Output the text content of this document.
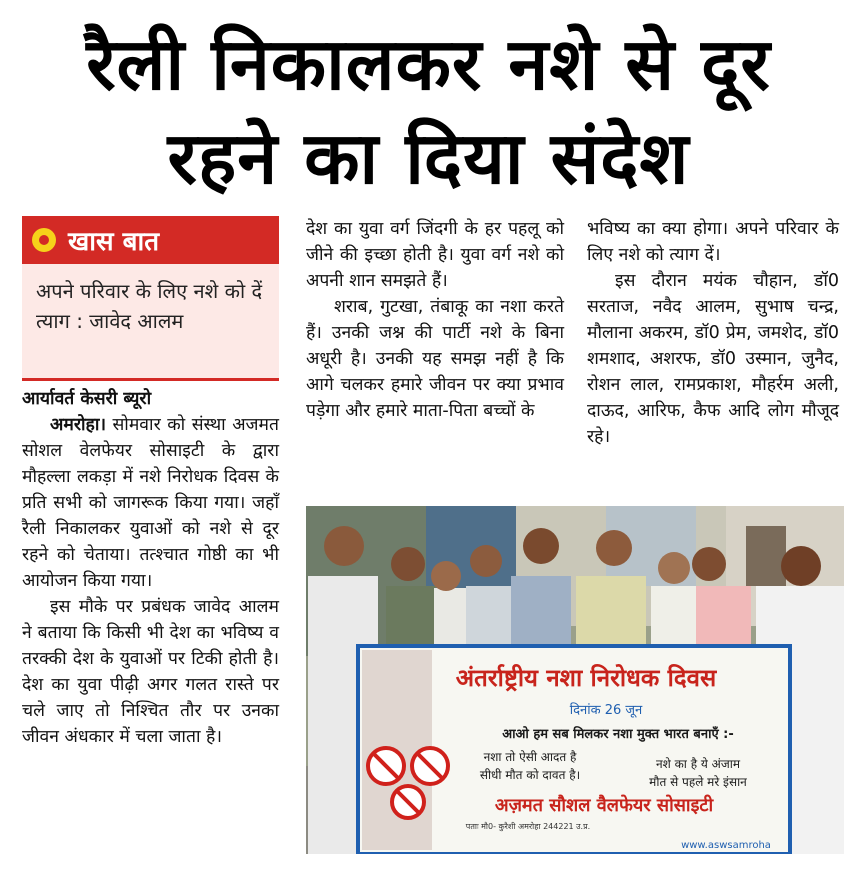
रैली निकालकर नशे से दूर
रहने का दिया संदेश
खास बात
अपने परिवार के लिए नशे को दें त्याग : जावेद आलम

आर्यावर्त केसरी ब्यूरो

अमरोहा। सोमवार को संस्था अजमत सोशल वेलफेयर सोसाइटी के द्वारा मौहल्ला लकड़ा में नशे निरोधक दिवस के प्रति सभी को जागरूक किया गया। जहाँ रैली निकालकर युवाओं को नशे से दूर रहने को चेताया। तत्श्चात गोष्ठी का भी आयोजन किया गया।

इस मौके पर प्रबंधक जावेद आलम ने बताया कि किसी भी देश का भविष्य व तरक्की देश के युवाओं पर टिकी होती है। देश का युवा पीढ़ी अगर गलत रास्ते पर चले जाए तो निश्चित तौर पर उनका जीवन अंधकार में चला जाता है।

देश का युवा वर्ग जिंदगी के हर पहलू को जीने की इच्छा होती है। युवा वर्ग नशे को अपनी शान समझते हैं।

शराब, गुटखा, तंबाकू का नशा करते हैं। उनकी जश्न की पार्टी नशे के बिना अधूरी है। उनकी यह समझ नहीं है कि आगे चलकर हमारे जीवन पर क्या प्रभाव पड़ेगा और हमारे माता-पिता बच्चों के

भविष्य का क्या होगा। अपने परिवार के लिए नशे को त्याग दें।

इस दौरान मयंक चौहान, डॉ0 सरताज, नवैद आलम, सुभाष चन्द्र, मौलाना अकरम, डॉ0 प्रेम, जमशेद, डॉ0 शमशाद, अशरफ, डॉ0 उस्मान, जुनैद, रोशन लाल, रामप्रकाश, मौहर्रम अली, दाऊद, आरिफ, कैफ आदि लोग मौजूद रहे।

अंतर्राष्ट्रीय नशा निरोधक दिवस
दिनांक 26 जून
आओ हम सब मिलकर नशा मुक्त भारत बनाएँ :-
नशा तो ऐसी आदत है
सीधी मौत को दावत है।
नशे का है ये अंजाम
मौत से पहले मरे इंसान
अज़मत सौशल वैलफेयर सोसाइटी
पताः मौ0- कुरैशी अमरोहा 244221 उ.प्र.
www.aswsamroha
